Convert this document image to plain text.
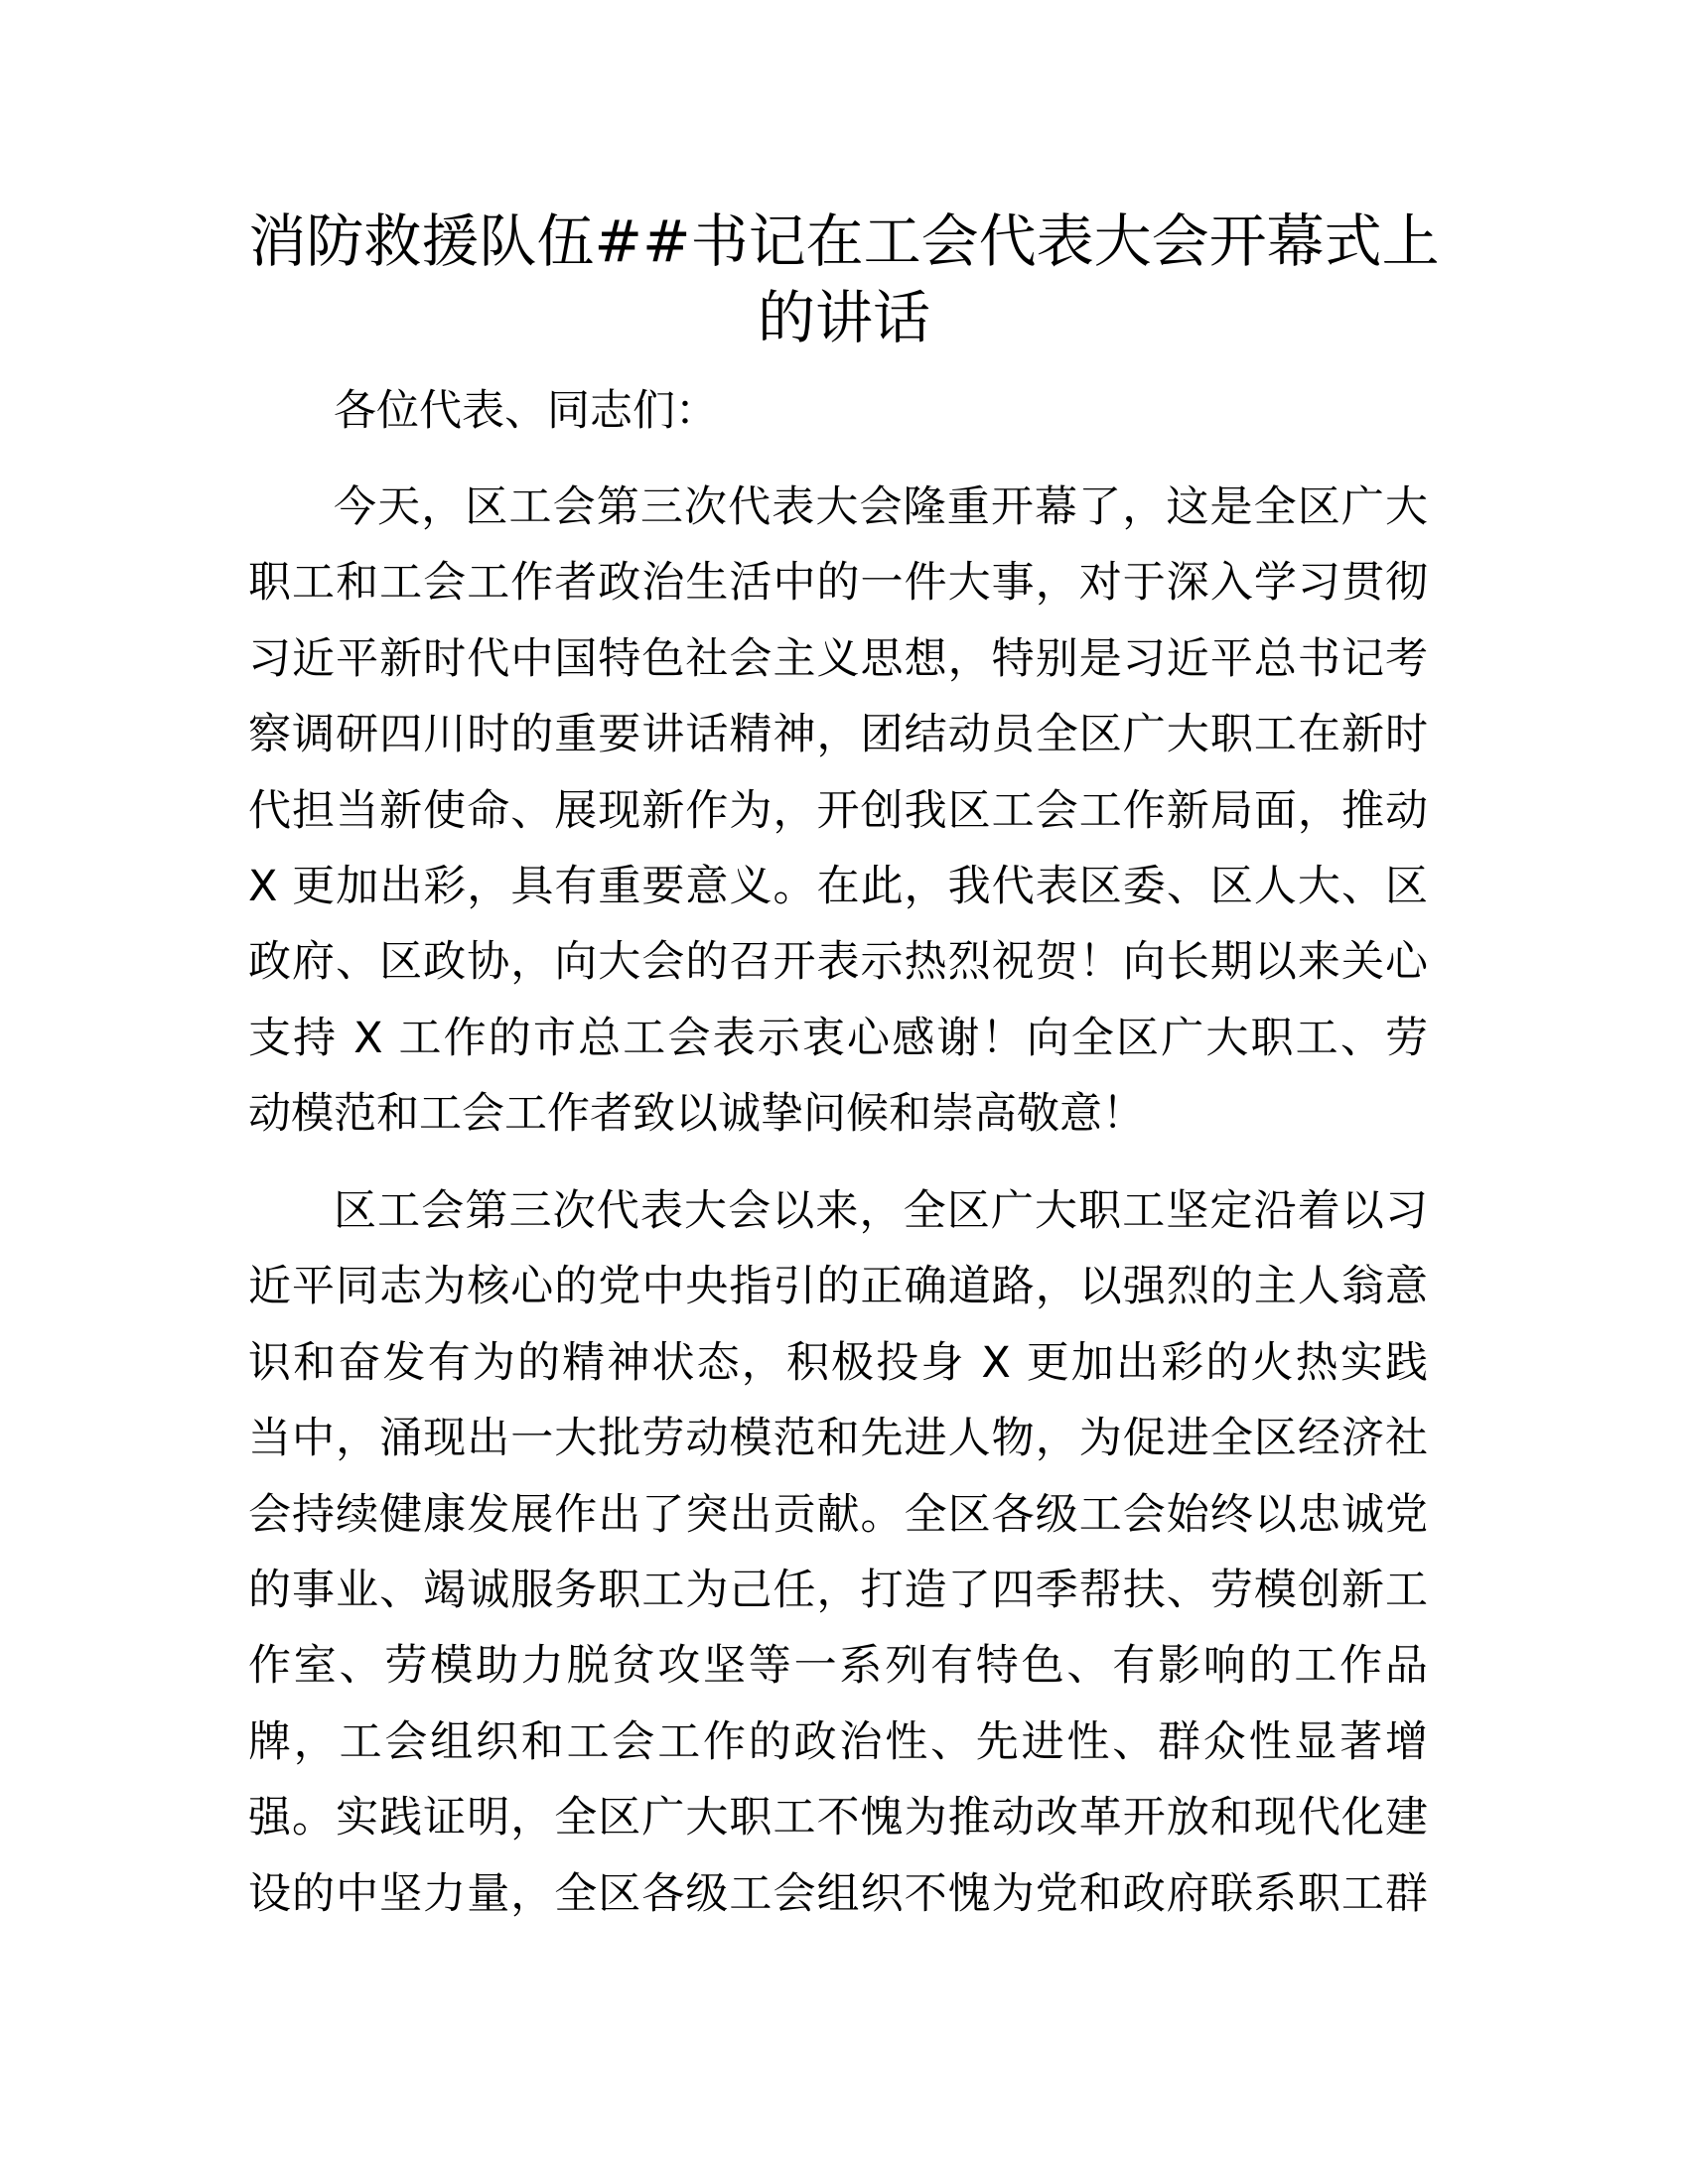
消防救援队伍##书记在工会代表大会开幕式上
的讲话
各位代表、同志们：
今天，区工会第三次代表大会隆重开幕了，这是全区广大
职工和工会工作者政治生活中的一件大事，对于深入学习贯彻
习近平新时代中国特色社会主义思想，特别是习近平总书记考
察调研四川时的重要讲话精神，团结动员全区广大职工在新时
代担当新使命、展现新作为，开创我区工会工作新局面，推动
X 更加出彩，具有重要意义。在此，我代表区委、区人大、区
政府、区政协，向大会的召开表示热烈祝贺！向长期以来关心
支持 X 工作的市总工会表示衷心感谢！向全区广大职工、劳
动模范和工会工作者致以诚挚问候和崇高敬意！
区工会第三次代表大会以来，全区广大职工坚定沿着以习
近平同志为核心的党中央指引的正确道路，以强烈的主人翁意
识和奋发有为的精神状态，积极投身 X 更加出彩的火热实践
当中，涌现出一大批劳动模范和先进人物，为促进全区经济社
会持续健康发展作出了突出贡献。全区各级工会始终以忠诚党
的事业、竭诚服务职工为己任，打造了四季帮扶、劳模创新工
作室、劳模助力脱贫攻坚等一系列有特色、有影响的工作品
牌，工会组织和工会工作的政治性、先进性、群众性显著增
强。实践证明，全区广大职工不愧为推动改革开放和现代化建
设的中坚力量，全区各级工会组织不愧为党和政府联系职工群
